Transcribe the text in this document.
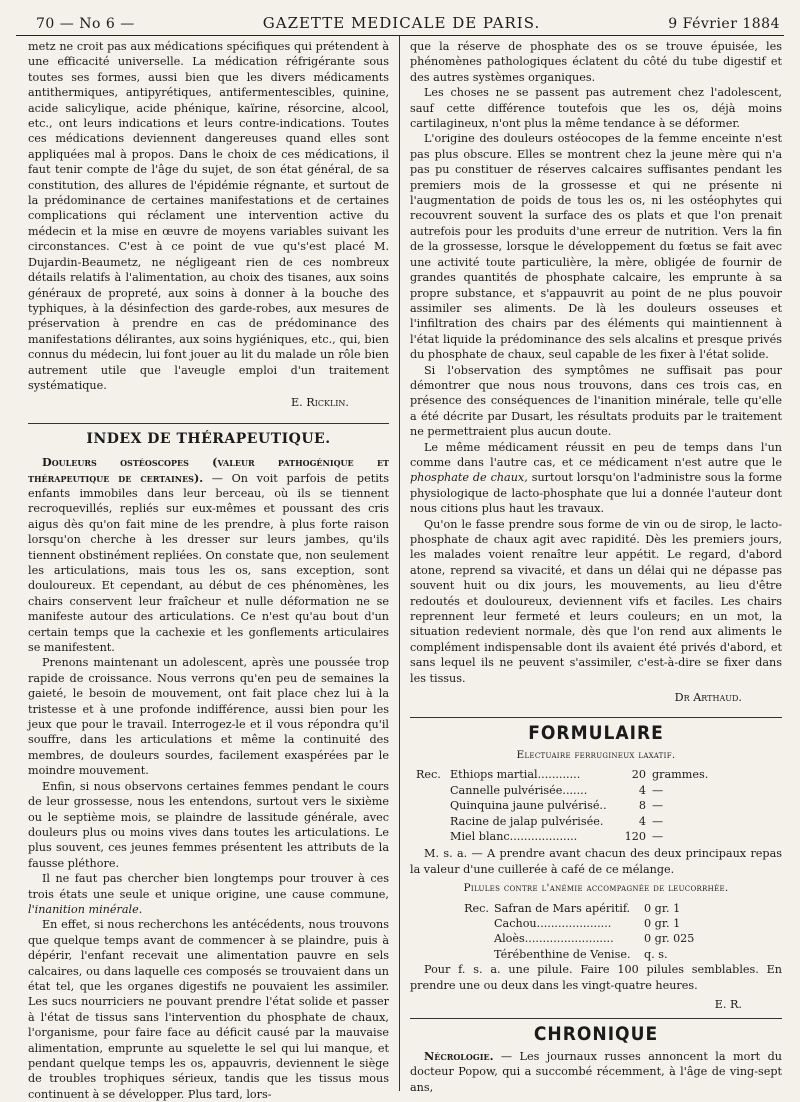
70 — No 6 —	GAZETTE MEDICALE DE PARIS.	9 Février 1884

metz ne croit pas aux médications spécifiques qui prétendent à une efficacité universelle. La médication réfrigérante sous toutes ses formes, aussi bien que les divers médicaments antithermiques, antipyrétiques, antifermentescibles, quinine, acide salicylique, acide phénique, kaïrine, résorcine, alcool, etc., ont leurs indications et leurs contre-indications. Toutes ces médications deviennent dangereuses quand elles sont appliquées mal à propos. Dans le choix de ces médications, il faut tenir compte de l'âge du sujet, de son état général, de sa constitution, des allures de l'épidémie régnante, et surtout de la prédominance de certaines manifestations et de certaines complications qui réclament une intervention active du médecin et la mise en œuvre de moyens variables suivant les circonstances. C'est à ce point de vue qu's'est placé M. Dujardin-Beaumetz, ne négligeant rien de ces nombreux détails relatifs à l'alimentation, au choix des tisanes, aux soins généraux de propreté, aux soins à donner à la bouche des typhiques, à la désinfection des garde-robes, aux mesures de préservation à prendre en cas de prédominance des manifestations délirantes, aux soins hygiéniques, etc., qui, bien connus du médecin, lui font jouer au lit du malade un rôle bien autrement utile que l'aveugle emploi d'un traitement systématique.

E. Ricklin.
INDEX DE THÉRAPEUTIQUE.

Douleurs ostéoscopes (valeur pathogénique et thérapeutique de certaines). — On voit parfois de petits enfants immobiles dans leur berceau, où ils se tiennent recroquevillés, repliés sur eux-mêmes et poussant des cris aigus dès qu'on fait mine de les prendre, à plus forte raison lorsqu'on cherche à les dresser sur leurs jambes, qu'ils tiennent obstinément repliées. On constate que, non seulement les articulations, mais tous les os, sans exception, sont douloureux. Et cependant, au début de ces phénomènes, les chairs conservent leur fraîcheur et nulle déformation ne se manifeste autour des articulations. Ce n'est qu'au bout d'un certain temps que la cachexie et les gonflements articulaires se manifestent.

Prenons maintenant un adolescent, après une poussée trop rapide de croissance. Nous verrons qu'en peu de semaines la gaieté, le besoin de mouvement, ont fait place chez lui à la tristesse et à une profonde indifférence, aussi bien pour les jeux que pour le travail. Interrogez-le et il vous répondra qu'il souffre, dans les articulations et même la continuité des membres, de douleurs sourdes, facilement exaspérées par le moindre mouvement.

Enfin, si nous observons certaines femmes pendant le cours de leur grossesse, nous les entendons, surtout vers le sixième ou le septième mois, se plaindre de lassitude générale, avec douleurs plus ou moins vives dans toutes les articulations. Le plus souvent, ces jeunes femmes présentent les attributs de la fausse pléthore.

Il ne faut pas chercher bien longtemps pour trouver à ces trois états une seule et unique origine, une cause commune, l'inanition minérale.

En effet, si nous recherchons les antécédents, nous trouvons que quelque temps avant de commencer à se plaindre, puis à dépérir, l'enfant recevait une alimentation pauvre en sels calcaires, ou dans laquelle ces composés se trouvaient dans un état tel, que les organes digestifs ne pouvaient les assimiler. Les sucs nourriciers ne pouvant prendre l'état solide et passer à l'état de tissus sans l'intervention du phosphate de chaux, l'organisme, pour faire face au déficit causé par la mauvaise alimentation, emprunte au squelette le sel qui lui manque, et pendant quelque temps les os, appauvris, deviennent le siège de troubles trophiques sérieux, tandis que les tissus mous continuent à se développer. Plus tard, lors-

que la réserve de phosphate des os se trouve épuisée, les phénomènes pathologiques éclatent du côté du tube digestif et des autres systèmes organiques.

Les choses ne se passent pas autrement chez l'adolescent, sauf cette différence toutefois que les os, déjà moins cartilagineux, n'ont plus la même tendance à se déformer.

L'origine des douleurs ostéocopes de la femme enceinte n'est pas plus obscure. Elles se montrent chez la jeune mère qui n'a pas pu constituer de réserves calcaires suffisantes pendant les premiers mois de la grossesse et qui ne présente ni l'augmentation de poids de tous les os, ni les ostéophytes qui recouvrent souvent la surface des os plats et que l'on prenait autrefois pour les produits d'une erreur de nutrition. Vers la fin de la grossesse, lorsque le développement du fœtus se fait avec une activité toute particulière, la mère, obligée de fournir de grandes quantités de phosphate calcaire, les emprunte à sa propre substance, et s'appauvrit au point de ne plus pouvoir assimiler ses aliments. De là les douleurs osseuses et l'infiltration des chairs par des éléments qui maintiennent à l'état liquide la prédominance des sels alcalins et presque privés du phosphate de chaux, seul capable de les fixer à l'état solide.

Si l'observation des symptômes ne suffisait pas pour démontrer que nous nous trouvons, dans ces trois cas, en présence des conséquences de l'inanition minérale, telle qu'elle a été décrite par Dusart, les résultats produits par le traitement ne permettraient plus aucun doute.

Le même médicament réussit en peu de temps dans l'un comme dans l'autre cas, et ce médicament n'est autre que le phosphate de chaux, surtout lorsqu'on l'administre sous la forme physiologique de lacto-phosphate que lui a donnée l'auteur dont nous citions plus haut les travaux.

Qu'on le fasse prendre sous forme de vin ou de sirop, le lacto-phosphate de chaux agit avec rapidité. Dès les premiers jours, les malades voient renaître leur appétit. Le regard, d'abord atone, reprend sa vivacité, et dans un délai qui ne dépasse pas souvent huit ou dix jours, les mouvements, au lieu d'être redoutés et douloureux, deviennent vifs et faciles. Les chairs reprennent leur fermeté et leurs couleurs; en un mot, la situation redevient normale, dès que l'on rend aux aliments le complément indispensable dont ils avaient été privés d'abord, et sans lequel ils ne peuvent s'assimiler, c'est-à-dire se fixer dans les tissus.

Dr Arthaud.
FORMULAIRE
Electuaire ferrugineux laxatif.
Rec. Ethiops martial............	20 grammes.
Cannelle pulvérisée.......	4 —
Quinquina jaune pulvérisé..	8 —
Racine de jalap pulvérisée.	4 —
Miel blanc...................	120 —

M. s. a. — A prendre avant chacun des deux principaux repas la valeur d'une cuillerée à café de ce mélange.

Pilules contre l'anémie accompagnée de leucorrhée.
Rec. Safran de Mars apéritif.	0 gr. 1
Cachou.....................	0 gr. 1
Aloès.........................	0 gr. 025
Térébenthine de Venise.	q. s.

Pour f. s. a. une pilule. Faire 100 pilules semblables. En prendre une ou deux dans les vingt-quatre heures.

E. R.
CHRONIQUE

Nécrologie. — Les journaux russes annoncent la mort du docteur Popow, qui a succombé récemment, à l'âge de ving-sept ans,
